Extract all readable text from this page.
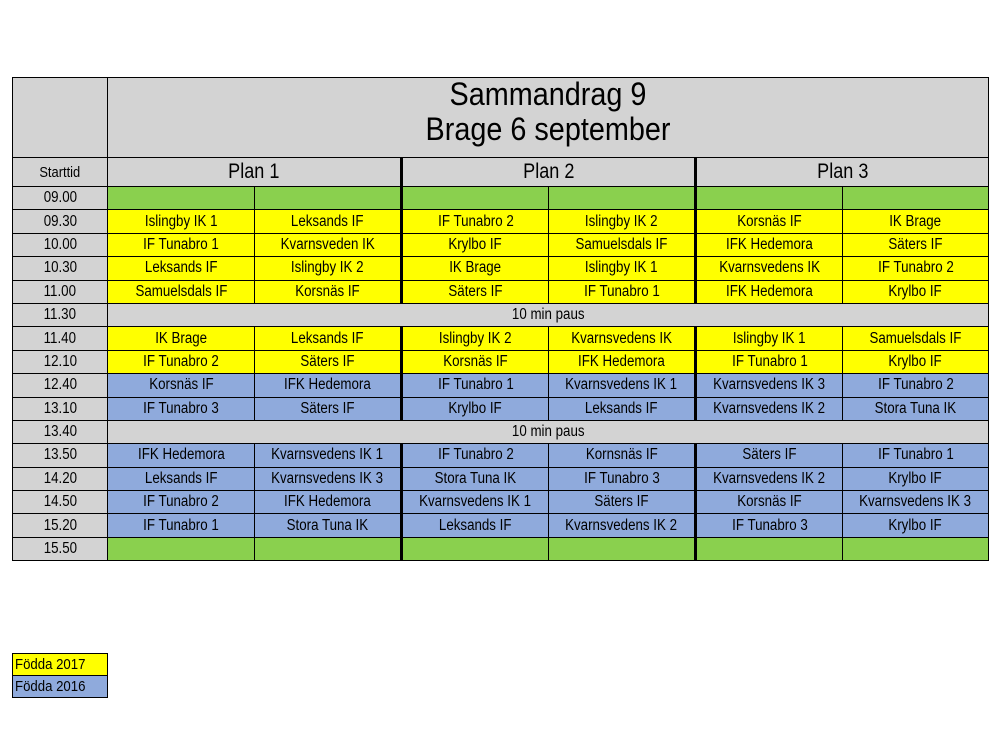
	Sammandrag 9
Brage 6 september					

Starttid	Plan 1		Plan 2		Plan 3	
09.00						
09.30	Islingby IK 1	Leksands IF	IF Tunabro 2	Islingby IK 2	Korsnäs IF	IK Brage
10.00	IF Tunabro 1	Kvarnsveden IK	Krylbo IF	Samuelsdals IF	IFK Hedemora	Säters IF
10.30	Leksands IF	Islingby IK 2	IK Brage	Islingby IK 1	Kvarnsvedens IK	IF Tunabro 2
11.00	Samuelsdals IF	Korsnäs IF	Säters IF	IF Tunabro 1	IFK Hedemora	Krylbo IF
11.30	10 min paus					
11.40	IK Brage	Leksands IF	Islingby IK 2	Kvarnsvedens IK	Islingby IK 1	Samuelsdals IF
12.10	IF Tunabro 2	Säters IF	Korsnäs IF	IFK Hedemora	IF Tunabro 1	Krylbo IF
12.40	Korsnäs IF	IFK Hedemora	IF Tunabro 1	Kvarnsvedens IK 1	Kvarnsvedens IK 3	IF Tunabro 2
13.10	IF Tunabro 3	Säters IF	Krylbo IF	Leksands IF	Kvarnsvedens IK 2	Stora Tuna IK
13.40	10 min paus					
13.50	IFK Hedemora	Kvarnsvedens IK 1	IF Tunabro 2	Kornsnäs IF	Säters IF	IF Tunabro 1
14.20	Leksands IF	Kvarnsvedens IK 3	Stora Tuna IK	IF Tunabro 3	Kvarnsvedens IK 2	Krylbo IF
14.50	IF Tunabro 2	IFK Hedemora	Kvarnsvedens IK 1	Säters IF	Korsnäs IF	Kvarnsvedens IK 3
15.20	IF Tunabro 1	Stora Tuna IK	Leksands IF	Kvarnsvedens IK 2	IF Tunabro 3	Krylbo IF
15.50						
Födda 2017
Födda 2016
